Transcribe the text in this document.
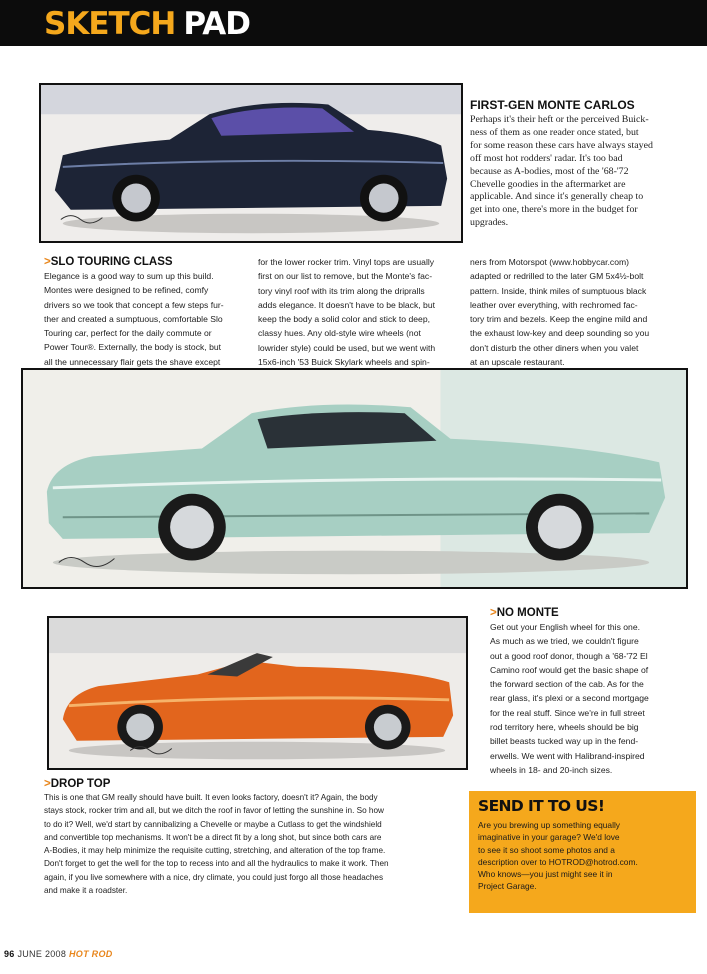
SKETCH PAD
FIRST-GEN MONTE CARLOS
Perhaps it's their heft or the perceived Buick-
ness of them as one reader once stated, but
for some reason these cars have always stayed
off most hot rodders' radar. It's too bad
because as A-bodies, most of the '68-'72
Chevelle goodies in the aftermarket are
applicable. And since it's generally cheap to
get into one, there's more in the budget for
upgrades.
>SLO TOURING CLASS
Elegance is a good way to sum up this build.
Montes were designed to be refined, comfy
drivers so we took that concept a few steps fur-
ther and created a sumptuous, comfortable Slo
Touring car, perfect for the daily commute or
Power Tour®. Externally, the body is stock, but
all the unnecessary flair gets the shave except
for the lower rocker trim. Vinyl tops are usually
first on our list to remove, but the Monte's fac-
tory vinyl roof with its trim along the dripralls
adds elegance. It doesn't have to be black, but
keep the body a solid color and stick to deep,
classy hues. Any old-style wire wheels (not
lowrider style) could be used, but we went with
15x6-inch '53 Buick Skylark wheels and spin-
ners from Motorspot (www.hobbycar.com)
adapted or redrilled to the later GM 5x4½-bolt
pattern. Inside, think miles of sumptuous black
leather over everything, with rechromed fac-
tory trim and bezels. Keep the engine mild and
the exhaust low-key and deep sounding so you
don't disturb the other diners when you valet
at an upscale restaurant.
>NO MONTE
Get out your English wheel for this one.
As much as we tried, we couldn't figure
out a good roof donor, though a '68-'72 El
Camino roof would get the basic shape of
the forward section of the cab. As for the
rear glass, it's plexi or a second mortgage
for the real stuff. Since we're in full street
rod territory here, wheels should be big
billet beasts tucked way up in the fend-
erwells. We went with Halibrand-inspired
wheels in 18- and 20-inch sizes.
>DROP TOP
This is one that GM really should have built. It even looks factory, doesn't it? Again, the body
stays stock, rocker trim and all, but we ditch the roof in favor of letting the sunshine in. So how
to do it? Well, we'd start by cannibalizing a Chevelle or maybe a Cutlass to get the windshield
and convertible top mechanisms. It won't be a direct fit by a long shot, but since both cars are
A-Bodies, it may help minimize the requisite cutting, stretching, and alteration of the top frame.
Don't forget to get the well for the top to recess into and all the hydraulics to make it work. Then
again, if you live somewhere with a nice, dry climate, you could just forgo all those headaches
and make it a roadster.
SEND IT TO US!
Are you brewing up something equally
imaginative in your garage? We'd love
to see it so shoot some photos and a
description over to HOTROD@hotrod.com.
Who knows—you just might see it in
Project Garage.
96 JUNE 2008 HOT ROD
